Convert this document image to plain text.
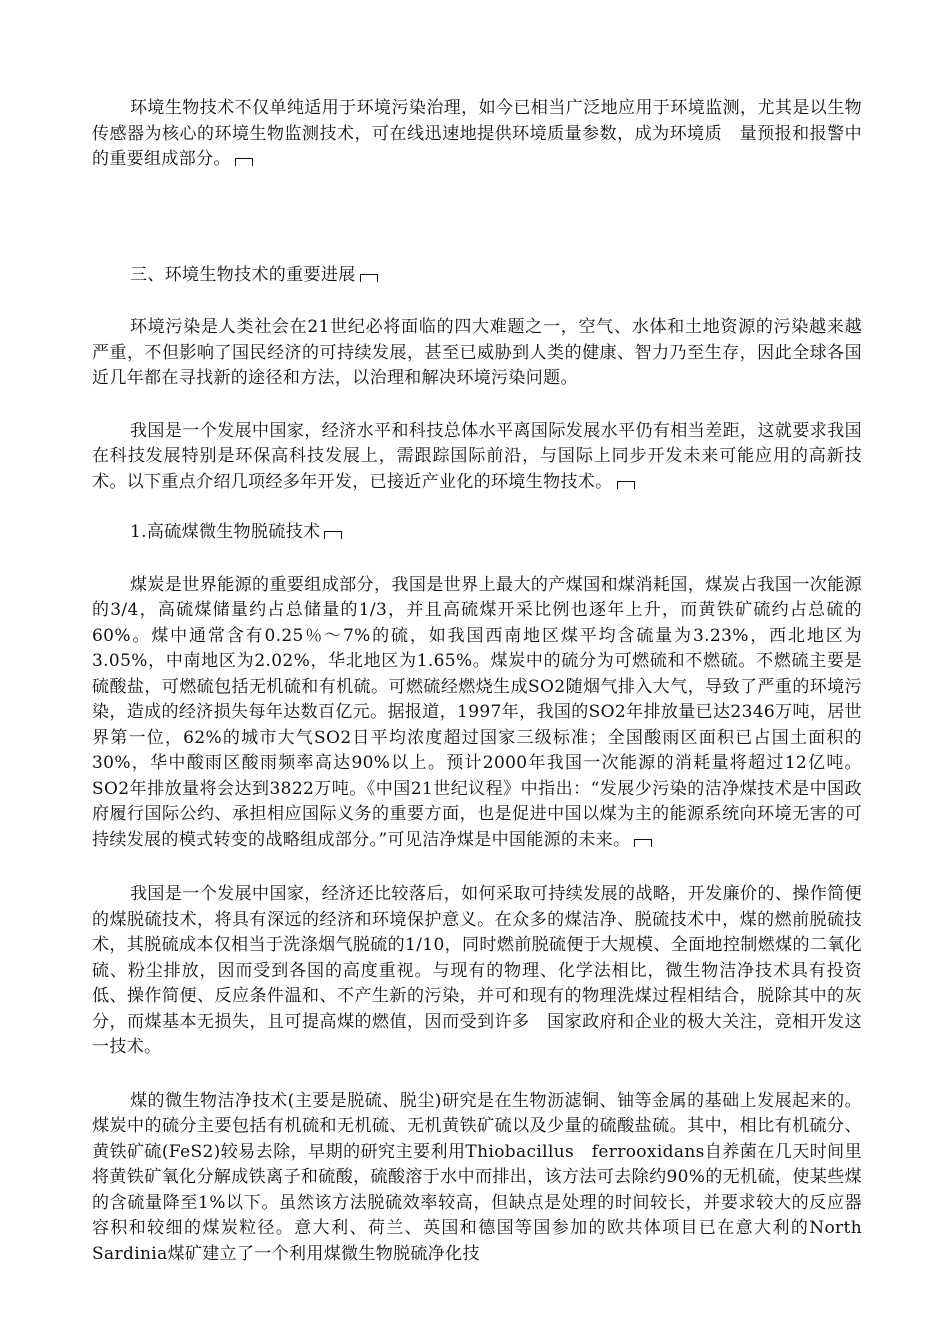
环境生物技术不仅单纯适用于环境污染治理，如今已相当广泛地应用于环境监测，尤其是以生物传感器为核心的环境生物监测技术，可在线迅速地提供环境质量参数，成为环境质　量预报和报警中的重要组成部分。

三、环境生物技术的重要进展

环境污染是人类社会在21世纪必将面临的四大难题之一，空气、水体和土地资源的污染越来越严重，不但影响了国民经济的可持续发展，甚至已威胁到人类的健康、智力乃至生存，因此全球各国近几年都在寻找新的途径和方法，以治理和解决环境污染问题。

我国是一个发展中国家，经济水平和科技总体水平离国际发展水平仍有相当差距，这就要求我国在科技发展特别是环保高科技发展上，需跟踪国际前沿，与国际上同步开发未来可能应用的高新技术。以下重点介绍几项经多年开发，已接近产业化的环境生物技术。

1.高硫煤微生物脱硫技术

煤炭是世界能源的重要组成部分，我国是世界上最大的产煤国和煤消耗国，煤炭占我国一次能源的3/4，高硫煤储量约占总储量的1/3，并且高硫煤开采比例也逐年上升，而黄铁矿硫约占总硫的60%。煤中通常含有0.25％～7%的硫，如我国西南地区煤平均含硫量为3.23%，西北地区为3.05%，中南地区为2.02%，华北地区为1.65%。煤炭中的硫分为可燃硫和不燃硫。不燃硫主要是硫酸盐，可燃硫包括无机硫和有机硫。可燃硫经燃烧生成SO2随烟气排入大气，导致了严重的环境污染，造成的经济损失每年达数百亿元。据报道，1997年，我国的SO2年排放量已达2346万吨，居世界第一位，62%的城市大气SO2日平均浓度超过国家三级标准；全国酸雨区面积已占国土面积的30%，华中酸雨区酸雨频率高达90%以上。预计2000年我国一次能源的消耗量将超过12亿吨。SO2年排放量将会达到3822万吨。《中国21世纪议程》中指出：“发展少污染的洁净煤技术是中国政府履行国际公约、承担相应国际义务的重要方面，也是促进中国以煤为主的能源系统向环境无害的可持续发展的模式转变的战略组成部分。”可见洁净煤是中国能源的未来。

我国是一个发展中国家，经济还比较落后，如何采取可持续发展的战略，开发廉价的、操作简便的煤脱硫技术，将具有深远的经济和环境保护意义。在众多的煤洁净、脱硫技术中，煤的燃前脱硫技术，其脱硫成本仅相当于洗涤烟气脱硫的1/10，同时燃前脱硫便于大规模、全面地控制燃煤的二氧化硫、粉尘排放，因而受到各国的高度重视。与现有的物理、化学法相比，微生物洁净技术具有投资低、操作简便、反应条件温和、不产生新的污染，并可和现有的物理洗煤过程相结合，脱除其中的灰分，而煤基本无损失，且可提高煤的燃值，因而受到许多　国家政府和企业的极大关注，竞相开发这一技术。

煤的微生物洁净技术(主要是脱硫、脱尘)研究是在生物沥滤铜、铀等金属的基础上发展起来的。煤炭中的硫分主要包括有机硫和无机硫、无机黄铁矿硫以及少量的硫酸盐硫。其中，相比有机硫分、黄铁矿硫(FeS2)较易去除，早期的研究主要利用Thiobacillus　ferrooxidans自养菌在几天时间里将黄铁矿氧化分解成铁离子和硫酸，硫酸溶于水中而排出，该方法可去除约90%的无机硫，使某些煤的含硫量降至1%以下。虽然该方法脱硫效率较高，但缺点是处理的时间较长，并要求较大的反应器容积和较细的煤炭粒径。意大利、荷兰、英国和德国等国参加的欧共体项目已在意大利的North　Sardinia煤矿建立了一个利用煤微生物脱硫净化技
